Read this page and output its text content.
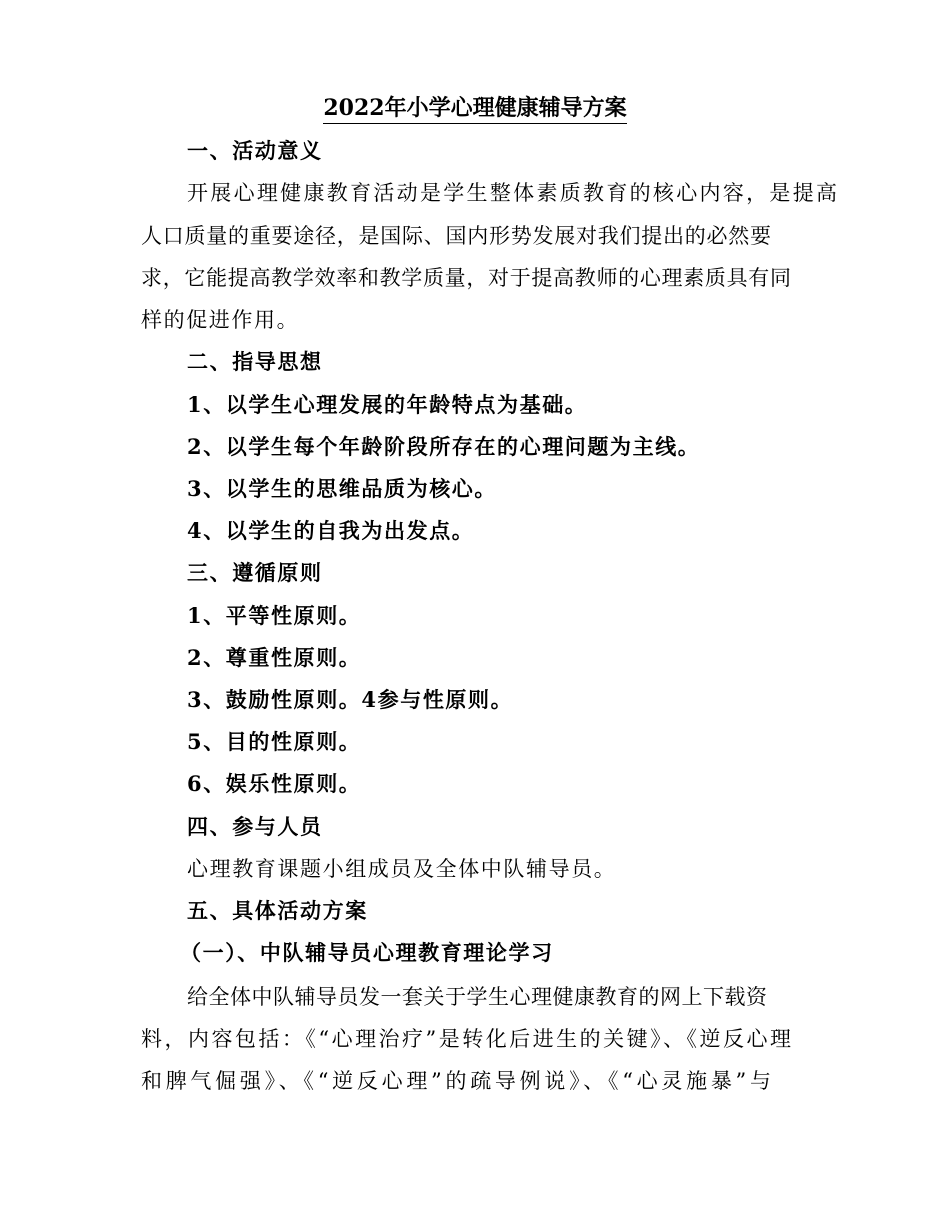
2022年小学心理健康辅导方案
一、活动意义
开展心理健康教育活动是学生整体素质教育的核心内容，是提高
人口质量的重要途径，是国际、国内形势发展对我们提出的必然要
求，它能提高教学效率和教学质量，对于提高教师的心理素质具有同
样的促进作用。
二、指导思想
1、以学生心理发展的年龄特点为基础。
2、以学生每个年龄阶段所存在的心理问题为主线。
3、以学生的思维品质为核心。
4、以学生的自我为出发点。
三、遵循原则
1、平等性原则。
2、尊重性原则。
3、鼓励性原则。4参与性原则。
5、目的性原则。
6、娱乐性原则。
四、参与人员
心理教育课题小组成员及全体中队辅导员。
五、具体活动方案
（一）、中队辅导员心理教育理论学习
给全体中队辅导员发一套关于学生心理健康教育的网上下载资
料，内容包括：《“心理治疗”是转化后进生的关键》、《逆反心理
和脾气倔强》、《“逆反心理”的疏导例说》、《“心灵施暴”与
